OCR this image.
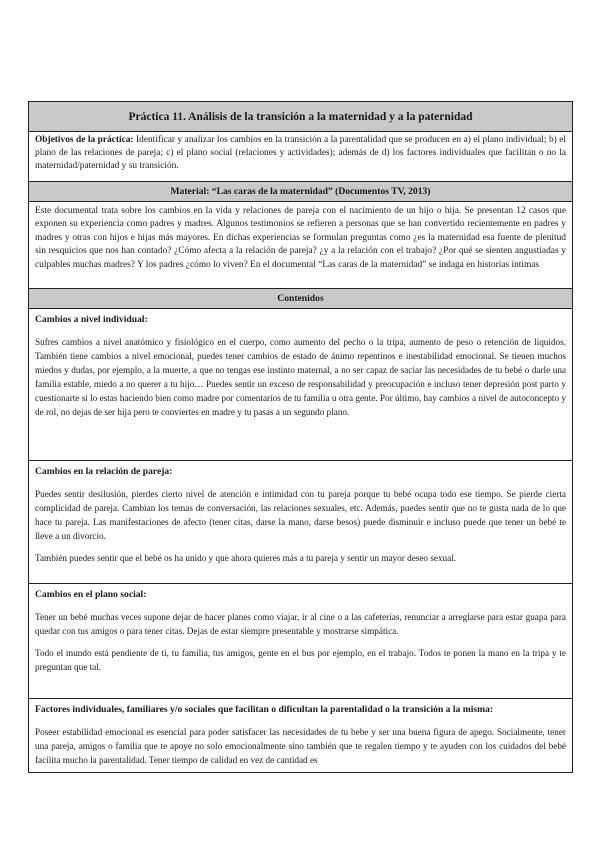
Práctica 11. Análisis de la transición a la maternidad y a la paternidad
Objetivos de la práctica: Identificar y analizar los cambios en la transición a la parentalidad que se producen en a) el plano individual; b) el plano de las relaciones de pareja; c) el plano social (relaciones y actividades); además de d) los factores individuales que facilitan o no la maternidad/paternidad y su transición.
Material: “Las caras de la maternidad” (Documentos TV, 2013)
Este documental trata sobre los cambios en la vida y relaciones de pareja con el nacimiento de un hijo o hija. Se presentan 12 casos que exponen su experiencia como padres y madres. Algunos testimonios se refieren a personas que se han convertido recientemente en padres y madres y otras con hijos e hijas más mayores. En dichas experiencias se formulan preguntas como ¿es la maternidad esa fuente de plenitud sin resquicios que nos han contado? ¿Cómo afecta a la relación de pareja? ¿y a la relación con el trabajo? ¿Por qué se sienten angustiadas y culpables muchas madres? Y los padres ¿cómo lo viven? En el documental “Las caras de la maternidad” se indaga en historias íntimas
Contenidos
Cambios a nivel individual:

Sufres cambios a nivel anatómico y fisiológico en el cuerpo, como aumento del pecho o la tripa, aumento de peso o retención de líquidos. También tiene cambios a nivel emocional, puedes tener cambios de estado de ánimo repentinos e inestabilidad emocional. Se tienen muchos miedos y dudas, por ejemplo, a la muerte, a que no tengas ese instinto maternal, a no ser capaz de saciar las necesidades de tu bebé o darle una familia estable, miedo a no querer a tu hijo… Puedes sentir un exceso de responsabilidad y preocupación e incluso tener depresión post parto y cuestionarte si lo estas haciendo bien como madre por comentarios de tu familia u otra gente. Por último, hay cambios a nivel de autoconcepto y de rol, no dejas de ser hija pero te conviertes en madre y tu pasas a un segundo plano.

Cambios en la relación de pareja:

Puedes sentir desilusión, pierdes cierto nivel de atención e intimidad con tu pareja porque tu bebé ocupa todo ese tiempo. Se pierde cierta complicidad de pareja. Cambian los temas de conversación, las relaciones sexuales, etc. Además, puedes sentir que no te gusta nada de lo que hace tu pareja. Las manifestaciones de afecto (tener citas, darse la mano, darse besos) puede disminuir e incluso puede que tener un bebé te lleve a un divorcio.

También puedes sentir que el bebé os ha unido y que ahora quieres más a tu pareja y sentir un mayor deseo sexual.

Cambios en el plano social:

Tener un bebé muchas veces supone dejar de hacer planes como viajar, ir al cine o a las cafeterías, renunciar a arreglarse para estar guapa para quedar con tus amigos o para tener citas. Dejas de estar siempre presentable y mostrarse simpática.

Todo el mundo está pendiente de ti, tu familia, tus amigos, gente en el bus por ejemplo, en el trabajo. Todos te ponen la mano en la tripa y te preguntan que tal.

Factores individuales, familiares y/o sociales que facilitan o dificultan la parentalidad o la transición a la misma:

Poseer estabilidad emocional es esencial para poder satisfacer las necesidades de tu bebe y ser una buena figura de apego. Socialmente, tener una pareja, amigos o familia que te apoye no solo emocionalmente sino también que te regalen tiempo y te ayuden con los cuidados del bebé facilita mucho la parentalidad. Tener tiempo de calidad en vez de cantidad es
